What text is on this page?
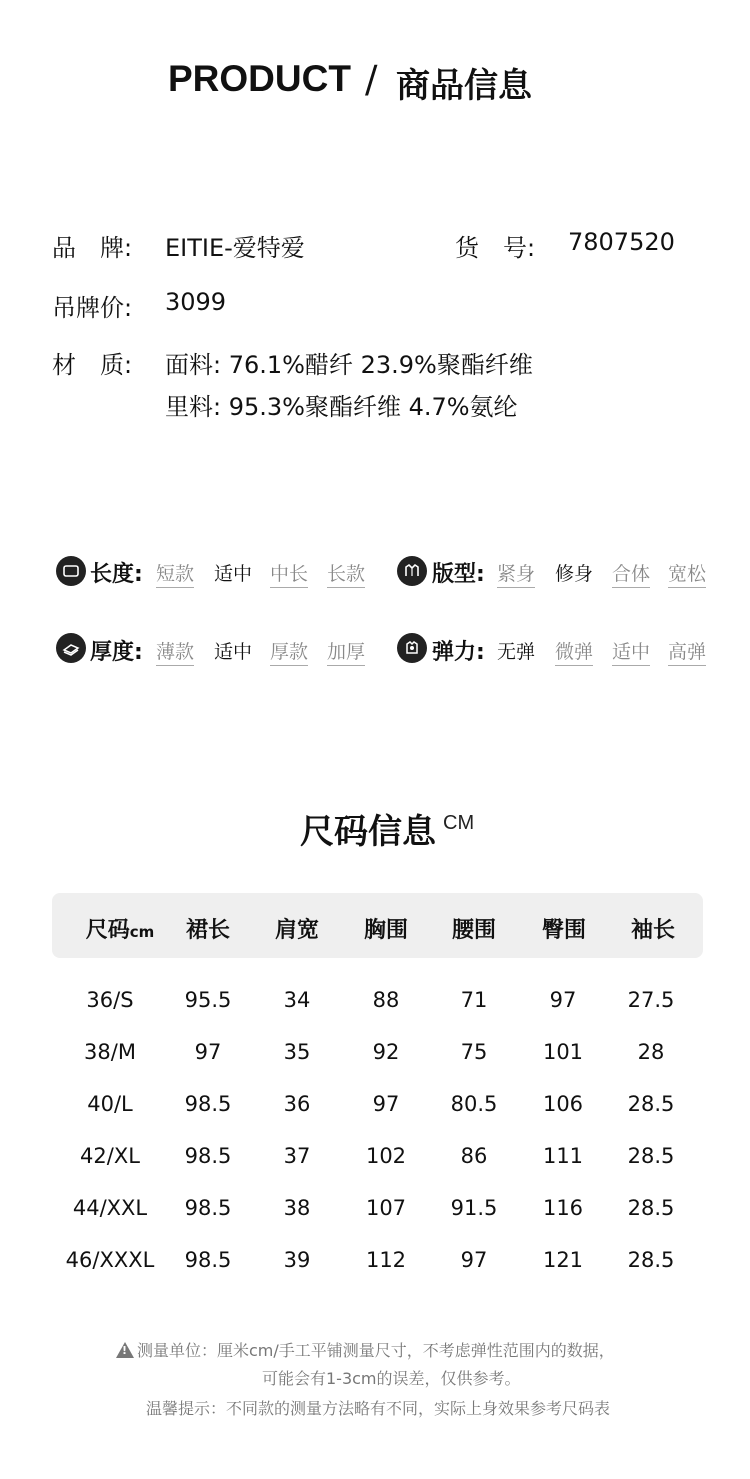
PRODUCT / 商品信息
品　牌: EITIE-爱特爱	货　号: 7807520
吊牌价: 3099
材　质: 面料: 76.1%醋纤 23.9%聚酯纤维
里料: 95.3%聚酯纤维 4.7%氨纶
长度: 短款 适中 中长 长款	版型: 紧身 修身 合体 宽松
厚度: 薄款 适中 厚款 加厚	弹力: 无弹 微弹 适中 高弹
尺码信息 CM
尺码cm	裙长	肩宽	胸围	腰围	臀围	袖长
36/S	95.5	34	88	71	97	27.5
38/M	97	35	92	75	101	28
40/L	98.5	36	97	80.5	106	28.5
42/XL	98.5	37	102	86	111	28.5
44/XXL	98.5	38	107	91.5	116	28.5
46/XXXL	98.5	39	112	97	121	28.5
!测量单位：厘米cm/手工平铺测量尺寸，不考虑弹性范围内的数据，
可能会有1-3cm的误差，仅供参考。
温馨提示：不同款的测量方法略有不同，实际上身效果参考尺码表
